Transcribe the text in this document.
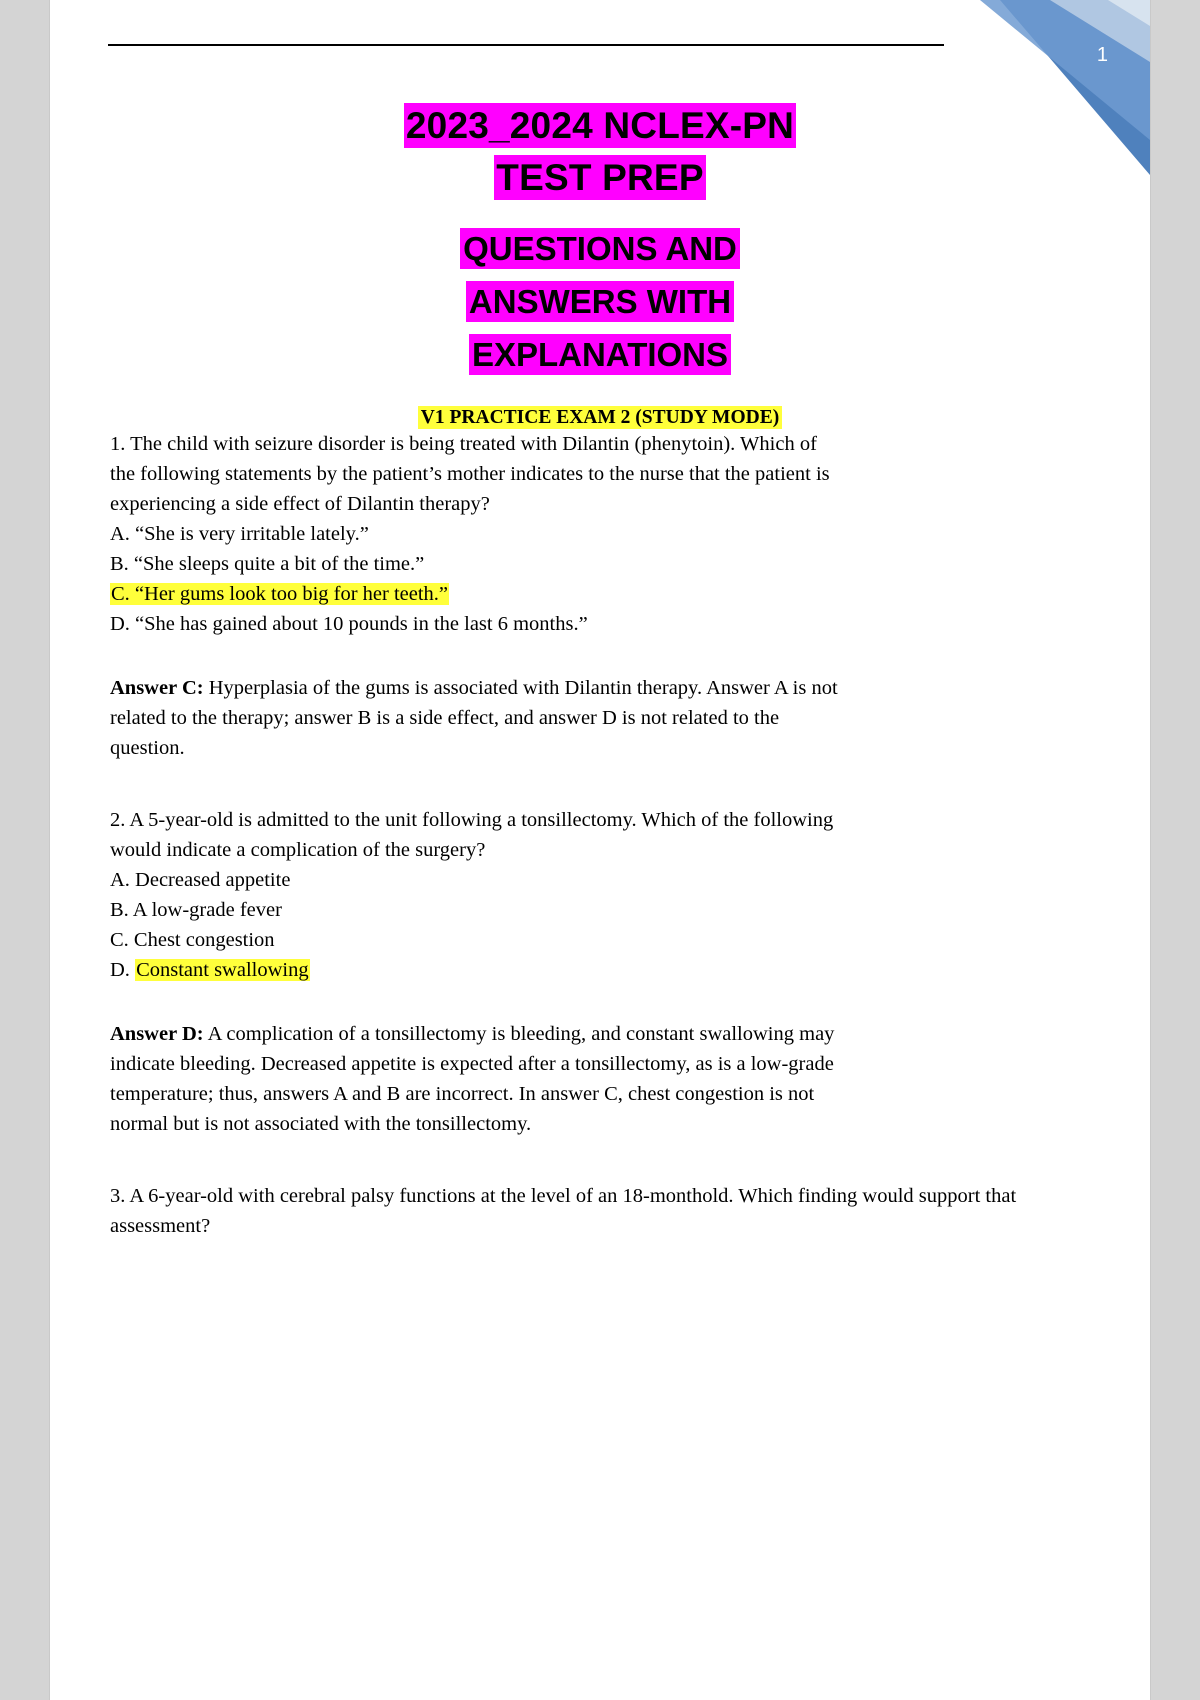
1
2023_2024 NCLEX-PN
TEST PREP
QUESTIONS AND
ANSWERS WITH
EXPLANATIONS
V1 PRACTICE EXAM 2 (STUDY MODE)
1. The child with seizure disorder is being treated with Dilantin (phenytoin). Which of the following statements by the patient’s mother indicates to the nurse that the patient is experiencing a side effect of Dilantin therapy?
A. “She is very irritable lately.”
B. “She sleeps quite a bit of the time.”
C. “Her gums look too big for her teeth.”
D. “She has gained about 10 pounds in the last 6 months.”
Answer C: Hyperplasia of the gums is associated with Dilantin therapy. Answer A is not related to the therapy; answer B is a side effect, and answer D is not related to the question.
2. A 5-year-old is admitted to the unit following a tonsillectomy. Which of the following would indicate a complication of the surgery?
A. Decreased appetite
B. A low-grade fever
C. Chest congestion
D. Constant swallowing
Answer D: A complication of a tonsillectomy is bleeding, and constant swallowing may indicate bleeding. Decreased appetite is expected after a tonsillectomy, as is a low-grade temperature; thus, answers A and B are incorrect. In answer C, chest congestion is not normal but is not associated with the tonsillectomy.
3. A 6-year-old with cerebral palsy functions at the level of an 18-monthold. Which finding would support that assessment?
